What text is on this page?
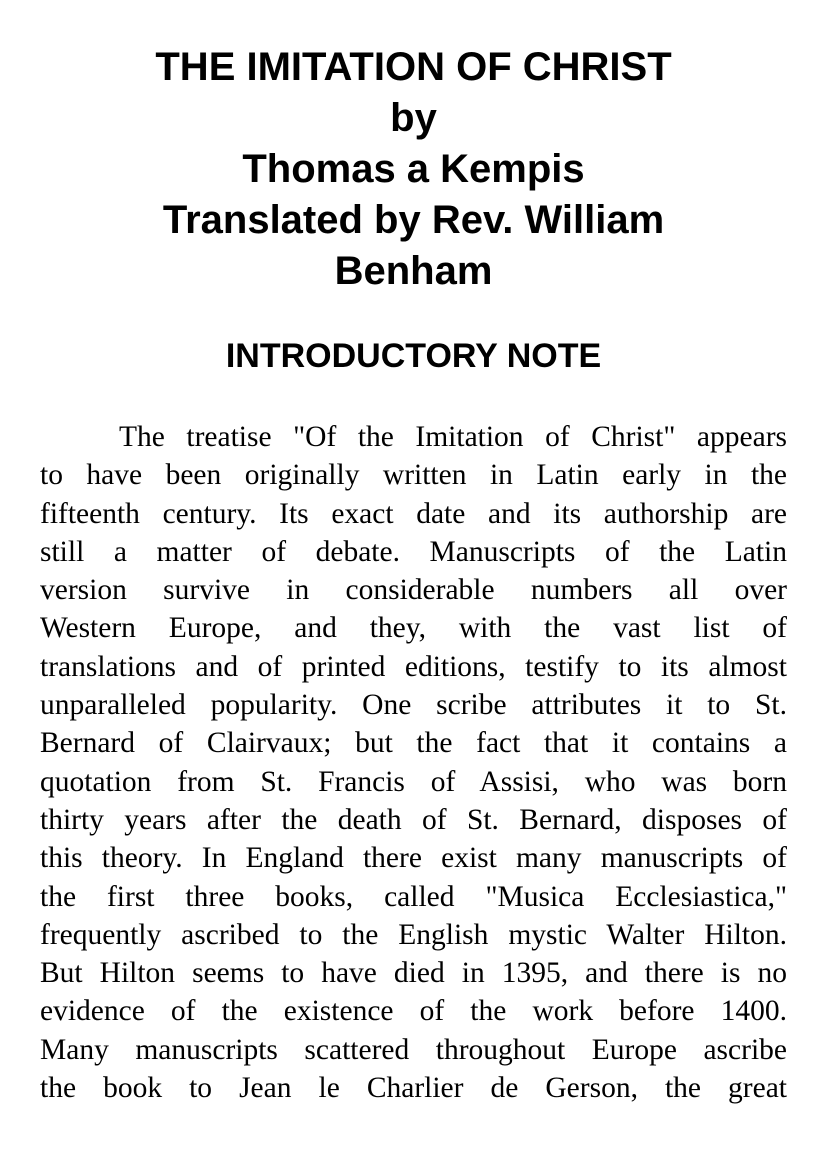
THE IMITATION OF CHRIST
by
Thomas a Kempis
Translated by Rev. William
Benham
INTRODUCTORY NOTE
The treatise "Of the Imitation of Christ" appears
to have been originally written in Latin early in the
fifteenth century. Its exact date and its authorship are
still a matter of debate. Manuscripts of the Latin
version survive in considerable numbers all over
Western Europe, and they, with the vast list of
translations and of printed editions, testify to its almost
unparalleled popularity. One scribe attributes it to St.
Bernard of Clairvaux; but the fact that it contains a
quotation from St. Francis of Assisi, who was born
thirty years after the death of St. Bernard, disposes of
this theory. In England there exist many manuscripts of
the first three books, called "Musica Ecclesiastica,"
frequently ascribed to the English mystic Walter Hilton.
But Hilton seems to have died in 1395, and there is no
evidence of the existence of the work before 1400.
Many manuscripts scattered throughout Europe ascribe
the book to Jean le Charlier de Gerson, the great
